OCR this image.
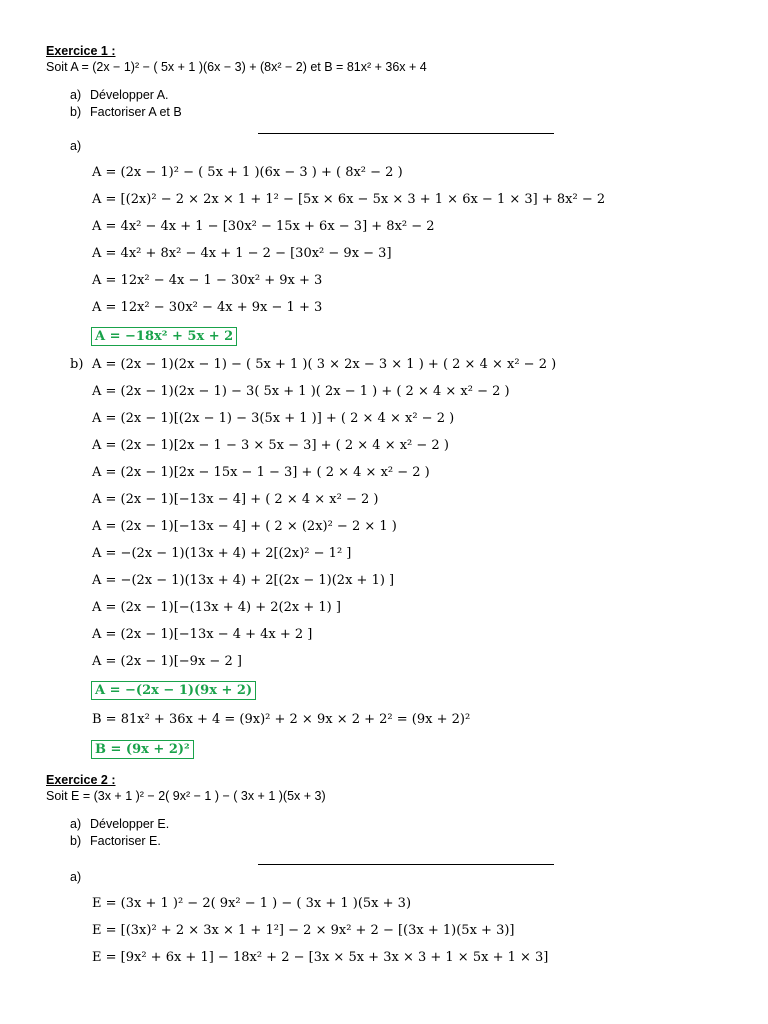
Exercice 1 :
Soit A = (2x − 1)² − ( 5x + 1 )(6x − 3) + (8x² − 2) et B = 81x² + 36x + 4
a) Développer A.
b) Factoriser A et B
a)
A = (2x − 1)² − ( 5x + 1 )(6x − 3 ) + ( 8x² − 2 )
A = [(2x)² − 2 × 2x × 1 + 1² − [5x × 6x − 5x × 3 + 1 × 6x − 1 × 3] + 8x² − 2
A = 4x² − 4x + 1 − [30x² − 15x + 6x − 3] + 8x² − 2
A = 4x² + 8x² − 4x + 1 − 2 − [30x² − 9x − 3]
A = 12x² − 4x − 1 − 30x² + 9x + 3
A = 12x² − 30x² − 4x + 9x − 1 + 3
A = −18x² + 5x + 2
b) A = (2x − 1)(2x − 1) − ( 5x + 1 )( 3 × 2x − 3 × 1 ) + ( 2 × 4 × x² − 2 )
A = (2x − 1)(2x − 1) − 3( 5x + 1 )( 2x − 1 ) + ( 2 × 4 × x² − 2 )
A = (2x − 1)[(2x − 1) − 3(5x + 1 )] + ( 2 × 4 × x² − 2 )
A = (2x − 1)[2x − 1 − 3 × 5x − 3] + ( 2 × 4 × x² − 2 )
A = (2x − 1)[2x − 15x − 1 − 3] + ( 2 × 4 × x² − 2 )
A = (2x − 1)[−13x − 4] + ( 2 × 4 × x² − 2 )
A = (2x − 1)[−13x − 4] + ( 2 × (2x)² − 2 × 1 )
A = −(2x − 1)(13x + 4) + 2[(2x)² − 1² ]
A = −(2x − 1)(13x + 4) + 2[(2x − 1)(2x + 1) ]
A = (2x − 1)[−(13x + 4) + 2(2x + 1) ]
A = (2x − 1)[−13x − 4 + 4x + 2 ]
A = (2x − 1)[−9x − 2 ]
A = −(2x − 1)(9x + 2)
B = 81x² + 36x + 4 = (9x)² + 2 × 9x × 2 + 2² = (9x + 2)²
B = (9x + 2)²
Exercice 2 :
Soit E = (3x + 1 )² − 2( 9x² − 1 ) − ( 3x + 1 )(5x + 3)
a) Développer E.
b) Factoriser E.
a)
E = (3x + 1 )² − 2( 9x² − 1 ) − ( 3x + 1 )(5x + 3)
E = [(3x)² + 2 × 3x × 1 + 1²] − 2 × 9x² + 2 − [(3x + 1)(5x + 3)]
E = [9x² + 6x + 1] − 18x² + 2 − [3x × 5x + 3x × 3 + 1 × 5x + 1 × 3]
